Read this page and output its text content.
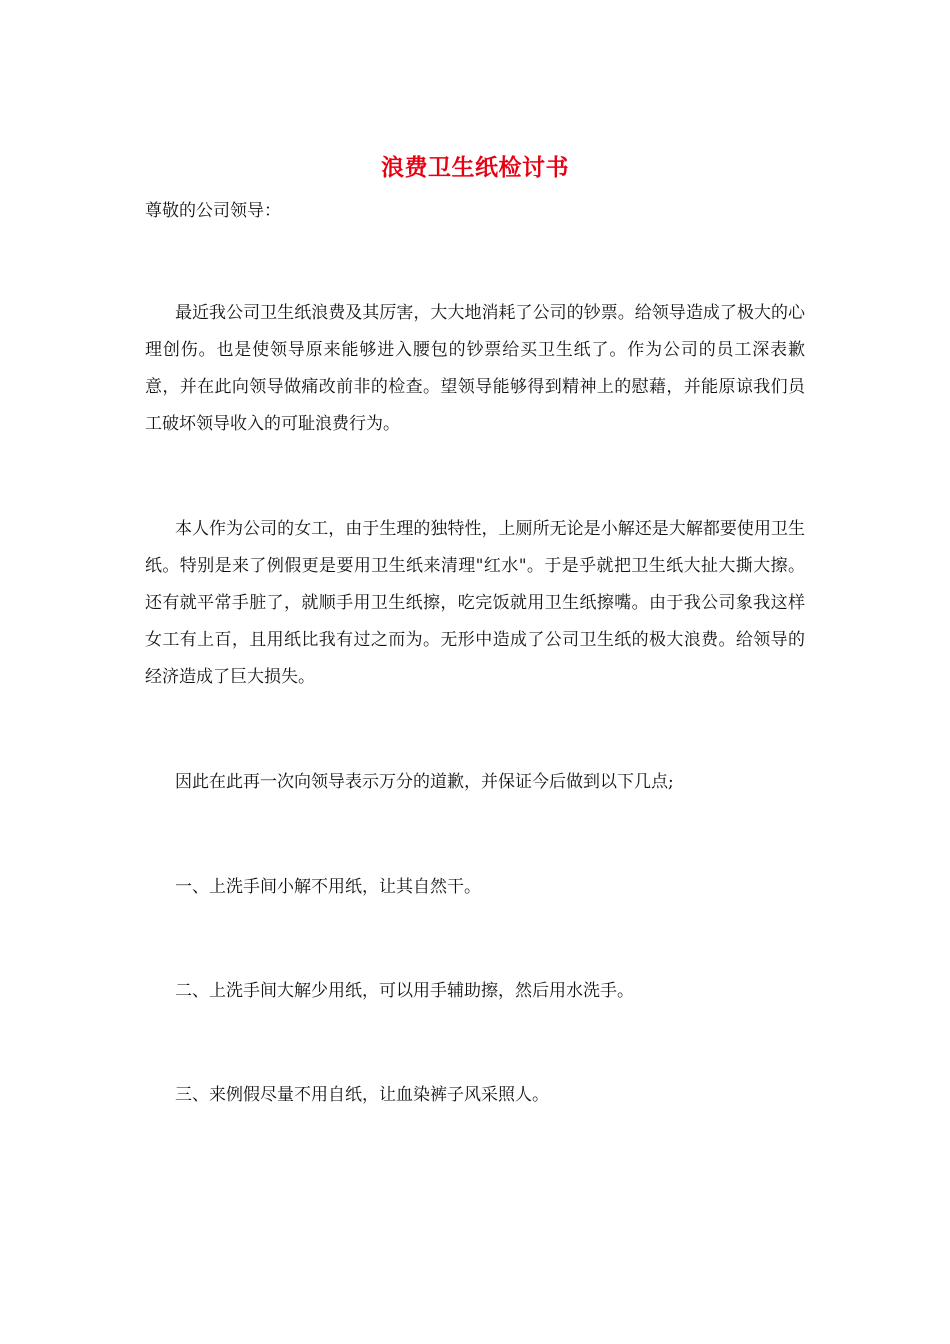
浪费卫生纸检讨书
尊敬的公司领导：

最近我公司卫生纸浪费及其厉害，大大地消耗了公司的钞票。给领导造成了极大的心理创伤。也是使领导原来能够进入腰包的钞票给买卫生纸了。作为公司的员工深表歉意，并在此向领导做痛改前非的检查。望领导能够得到精神上的慰藉，并能原谅我们员工破坏领导收入的可耻浪费行为。

本人作为公司的女工，由于生理的独特性，上厕所无论是小解还是大解都要使用卫生纸。特别是来了例假更是要用卫生纸来清理"红水"。于是乎就把卫生纸大扯大撕大擦。还有就平常手脏了，就顺手用卫生纸擦，吃完饭就用卫生纸擦嘴。由于我公司象我这样女工有上百，且用纸比我有过之而为。无形中造成了公司卫生纸的极大浪费。给领导的经济造成了巨大损失。

因此在此再一次向领导表示万分的道歉，并保证今后做到以下几点;

一、上洗手间小解不用纸，让其自然干。

二、上洗手间大解少用纸，可以用手辅助擦，然后用水洗手。

三、来例假尽量不用自纸，让血染裤子风采照人。
